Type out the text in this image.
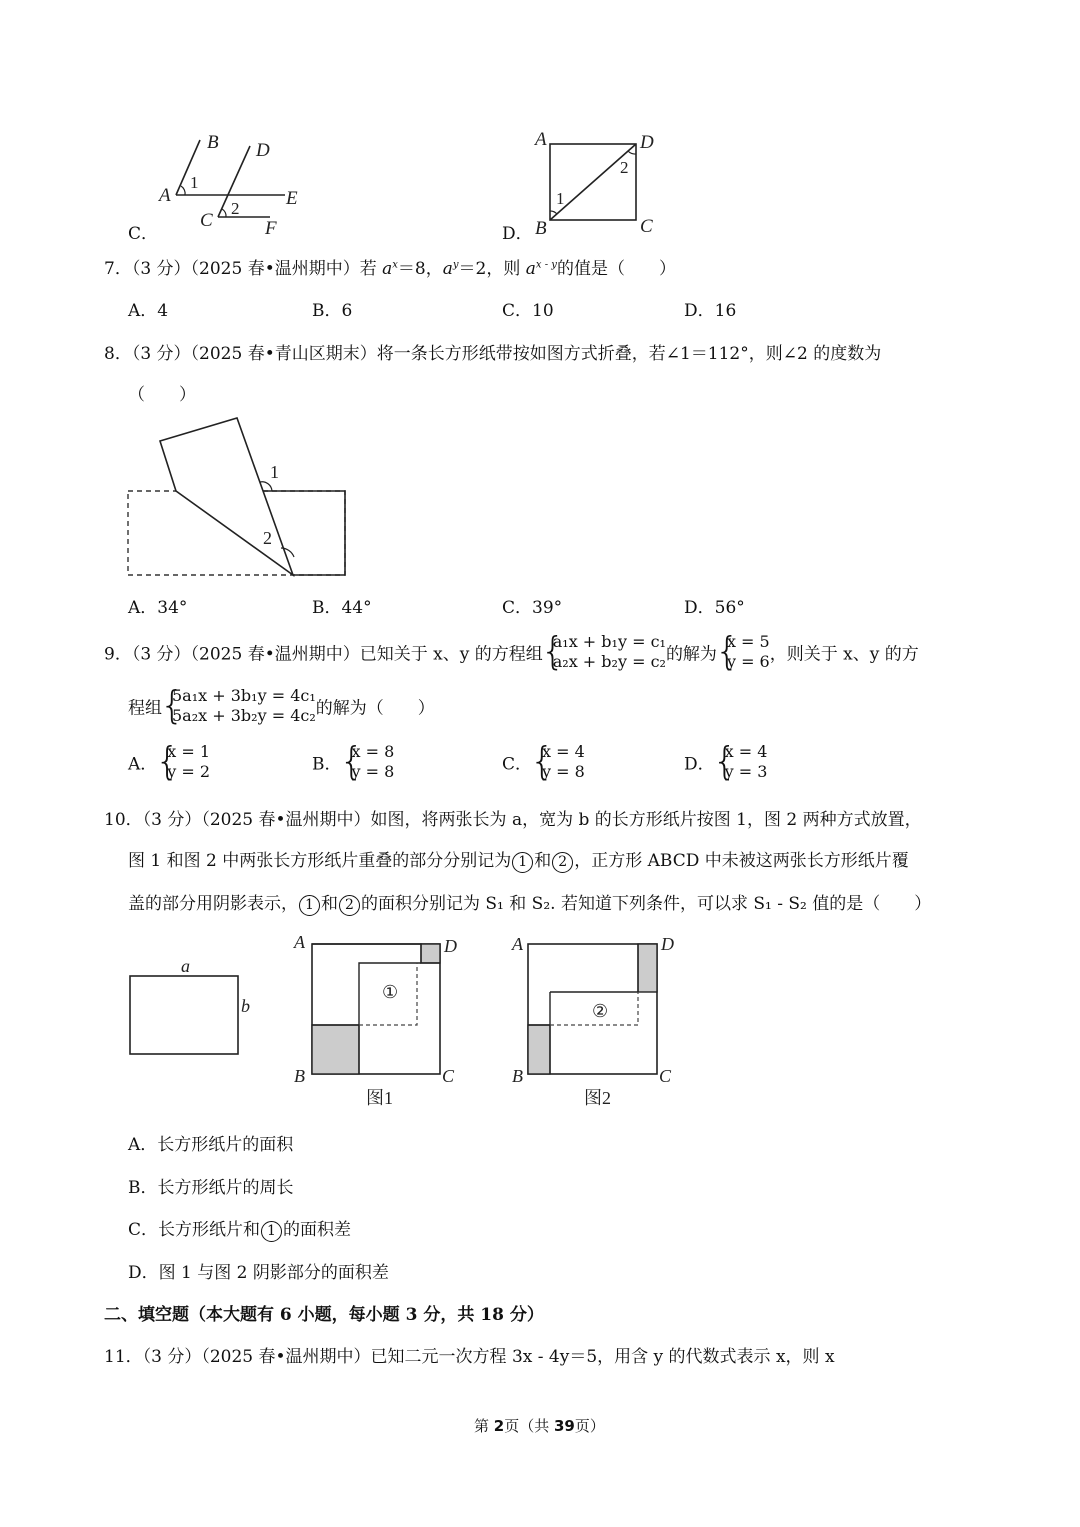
B D
A	E
C	F
1
2
C．
A	D
B	C
1
2
D．
7．（3 分）（2025 春•温州期中）若 $a^x=8$，$a^y=2$，则 $a^{x - y}$的值是（　　）
A．4	B．6	C．10	D．16
8．（3 分）（2025 春•青山区期末）将一条长方形纸带按如图方式折叠，若∠1＝112°，则∠2 的度数为
（　　）
1
2
A．34°	B．44°	C．39°	D．56°
9．（3 分）（2025 春•温州期中）已知关于 x、y 的方程组
{ a₁x + b₁y = c₁
a₂x + b₂y = c₂ 的解为
{ x = 5
y = 6 ，则关于 x、y 的方
程组
{ 5a₁x + 3b₁y = 4c₁
5a₂x + 3b₂y = 4c₂ 的解为（　　）
A．
{ x = 1
y = 2	B．
{ x = 8
y = 8	C．
{ x = 4
y = 8	D．
{ x = 4
y = 3
10．（3 分）（2025 春•温州期中）如图，将两张长为 a，宽为 b 的长方形纸片按图 1，图 2 两种方式放置，
图 1 和图 2 中两张长方形纸片重叠的部分分别记为 1 和 2 ，正方形 ABCD 中未被这两张长方形纸片覆
盖的部分用阴影表示， 1 和 2 的面积分别记为 S₁ 和 S₂. 若知道下列条件，可以求 S₁ - S₂ 值的是（　　）
a
b
①
A	D
B	C
图1
②
A	D
B	C
图2
A．长方形纸片的面积
B．长方形纸片的周长
C．长方形纸片和 1 的面积差
D．图 1 与图 2 阴影部分的面积差
二、填空题（本大题有 6 小题，每小题 3 分，共 18 分）
11．（3 分）（2025 春•温州期中）已知二元一次方程 3x - 4y＝5，用含 y 的代数式表示 x，则 x
第 2页（共 39页）
